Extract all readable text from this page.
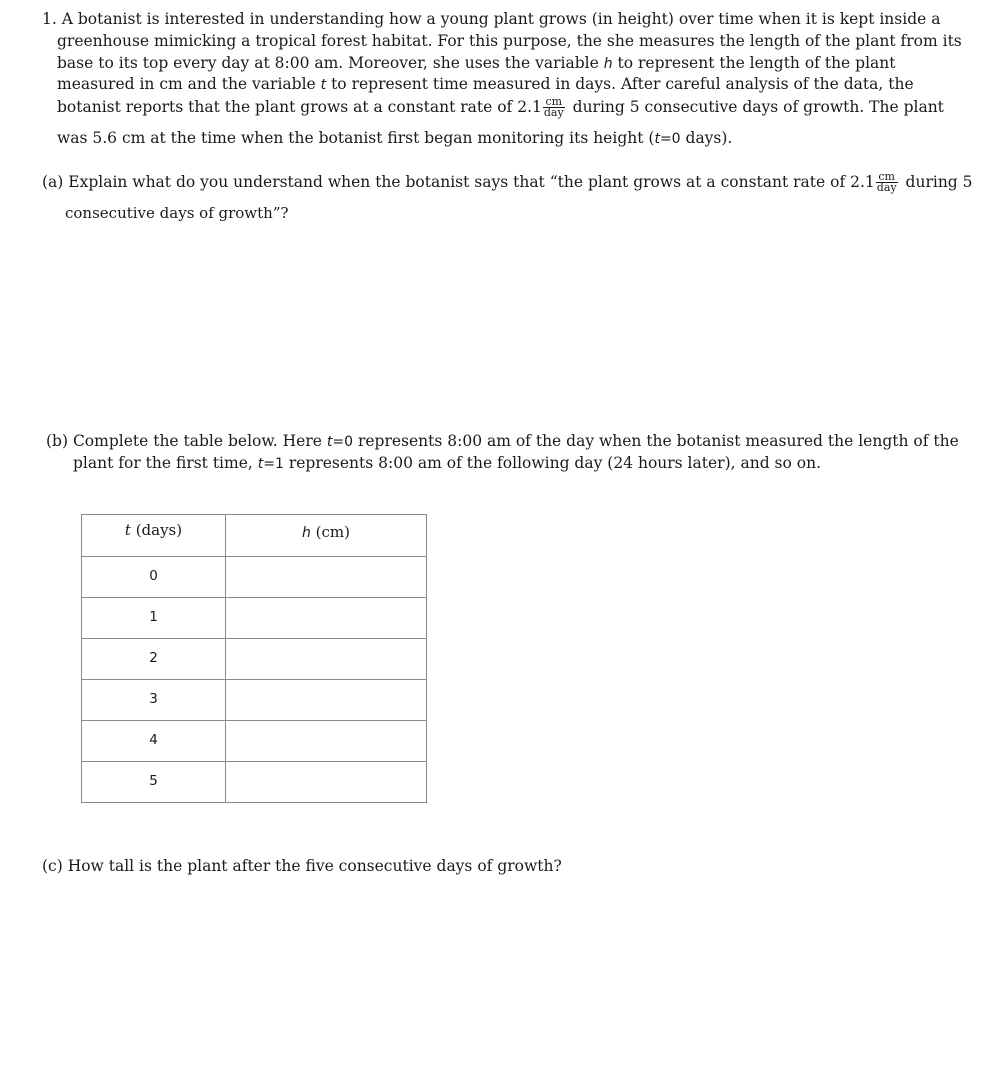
1. A botanist is interested in understanding how a young plant grows (in height) over time when it is kept inside a
greenhouse mimicking a tropical forest habitat. For this purpose, the she measures the length of the plant from its
base to its top every day at 8:00 am. Moreover, she uses the variable h to represent the length of the plant
measured in cm and the variable t to represent time measured in days. After careful analysis of the data, the
botanist reports that the plant grows at a constant rate of $2.1 \frac{cm}{\text{day}}$ during 5 consecutive days of growth. The plant
was 5.6 cm at the time when the botanist first began monitoring its height (t=0 days).
(a) Explain what do you understand when the botanist says that “the plant grows at a constant rate of $2.1 \frac{cm}{\text{day}}$ during 5
consecutive days of growth”?
(b) Complete the table below. Here t=0 represents 8:00 am of the day when the botanist measured the length of the
plant for the first time, t=1 represents 8:00 am of the following day (24 hours later), and so on.
t (days)	h (cm)
0	
1	
2	
3	
4	
5	
(c) How tall is the plant after the five consecutive days of growth?
